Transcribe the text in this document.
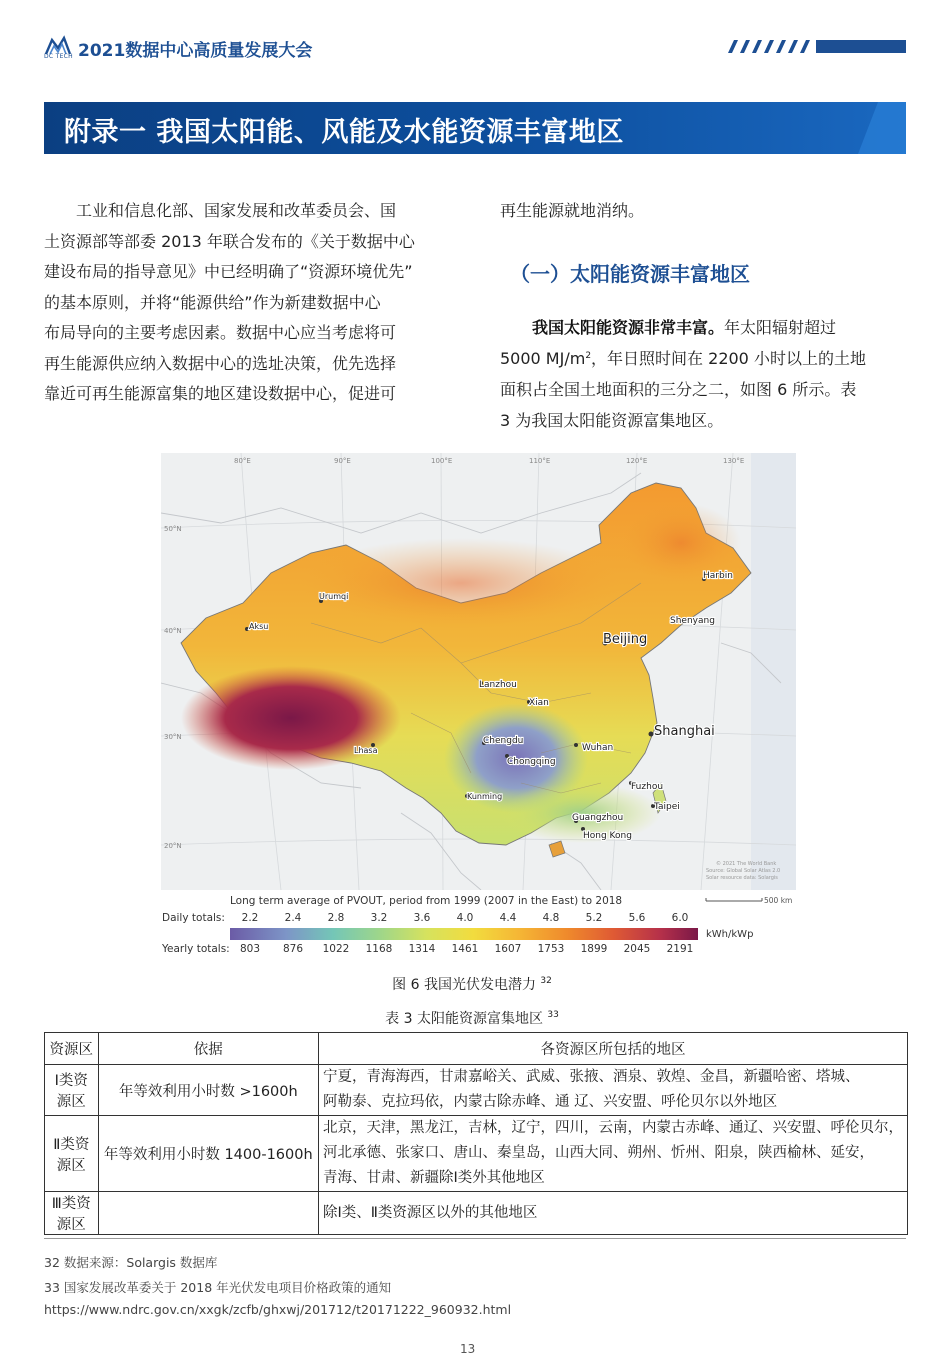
DC TECH 2021数据中心高质量发展大会
附录一 我国太阳能、风能及水能资源丰富地区
　　工业和信息化部、国家发展和改革委员会、国
土资源部等部委 2013 年联合发布的《关于数据中心
建设布局的指导意见》中已经明确了“资源环境优先”
的基本原则，并将“能源供给”作为新建数据中心
布局导向的主要考虑因素。数据中心应当考虑将可
再生能源供应纳入数据中心的选址决策，优先选择
靠近可再生能源富集的地区建设数据中心，促进可
再生能源就地消纳。
（一）太阳能资源丰富地区
　　我国太阳能资源非常丰富。年太阳辐射超过
5000 $MJ/m^2$，年日照时间在 2200 小时以上的土地
面积占全国土地面积的三分之二，如图 6 所示。表
3 为我国太阳能资源富集地区。
80°E	90°E	100°E	110°E	120°E	130°E
50°N
40°N
30°N
20°N
Harbin
Urumqi
Aksu
Shenyang
Beijing
Lanzhou
Xian
Chengdu
Chongqing
Wuhan
Shanghai
Lhasa
Kunming
Fuzhou
Taipei
Guangzhou
Hong Kong
© 2021 The World Bank
Source: Global Solar Atlas 2.0
Solar resource data: Solargis
500 km
Long term average of PVOUT, period from 1999 (2007 in the East) to 2018
Daily totals:
Yearly totals:
2.2	2.4	2.8	3.2	3.6	4.0	4.4	4.8	5.2	5.6	6.0
803	876	1022	1168	1314	1461	1607	1753	1899	2045	2191
kWh/kWp
图 6 我国光伏发电潜力 $^{32}$
表 3 太阳能资源富集地区 $^{33}$
资源区	依据	各资源区所包括的地区
Ⅰ类资源区	年等效利用小时数 >1600h	宁夏，青海海西，甘肃嘉峪关、武威、张掖、酒泉、敦煌、金昌，新疆哈密、塔城、
阿勒泰、克拉玛依，内蒙古除赤峰、通 辽、兴安盟、呼伦贝尔以外地区

Ⅱ类资源区	年等效利用小时数 1400-1600h	北京，天津，黑龙江，吉林，辽宁，四川，云南，内蒙古赤峰、通辽、兴安盟、呼伦贝尔，
河北承德、张家口、唐山、秦皇岛，山西大同、朔州、忻州、阳泉，陕西榆林、延安，
青海、甘肃、新疆除Ⅰ类外其他地区

Ⅲ类资源区		除Ⅰ类、Ⅱ类资源区以外的其他地区
32 数据来源：Solargis 数据库
33 国家发展改革委关于 2018 年光伏发电项目价格政策的通知
https://www.ndrc.gov.cn/xxgk/zcfb/ghxwj/201712/t20171222_960932.html
13
